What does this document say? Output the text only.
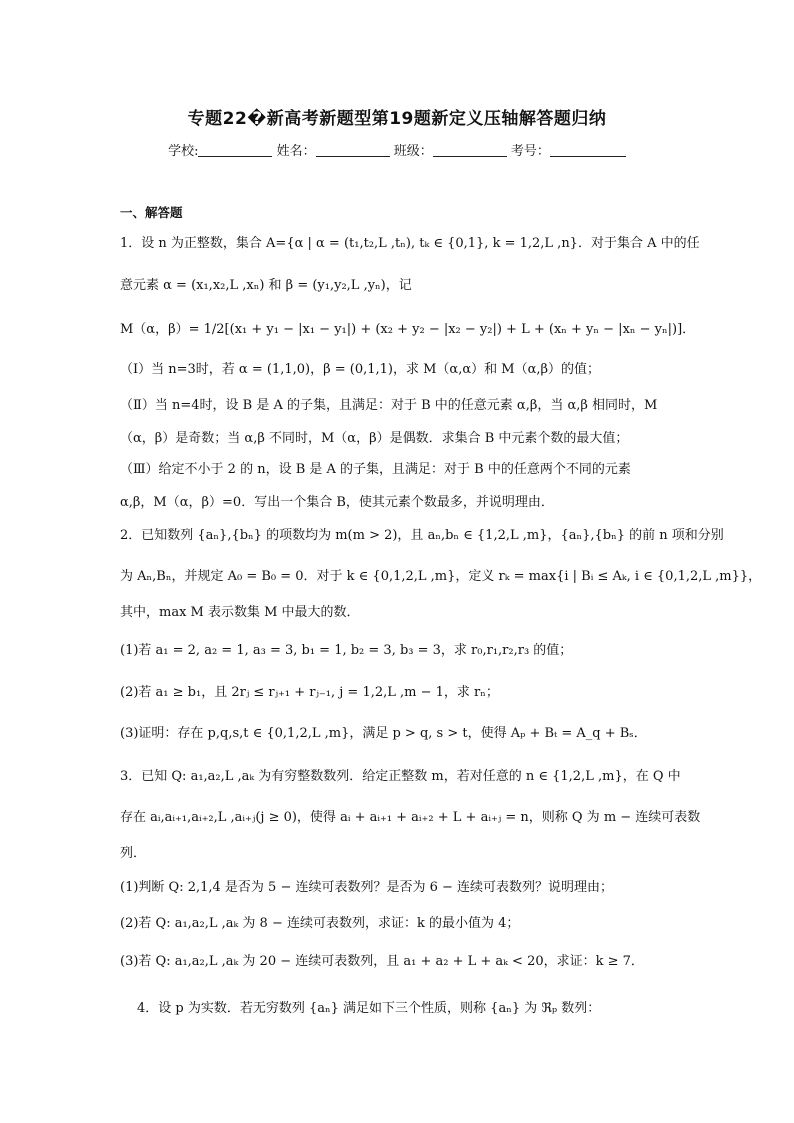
专题22�新高考新题型第19题新定义压轴解答题归纳
学校:	姓名：	班级：	考号：
一、解答题
1．设 n 为正整数，集合 A={α | α = (t₁,t₂,L ,tₙ), tₖ ∈ {0,1}, k = 1,2,L ,n}．对于集合 A 中的任
意元素 α = (x₁,x₂,L ,xₙ) 和 β = (y₁,y₂,L ,yₙ)，记
M（α，β）= 1/2[(x₁ + y₁ − |x₁ − y₁|) + (x₂ + y₂ − |x₂ − y₂|) + L + (xₙ + yₙ − |xₙ − yₙ|)]．
（Ⅰ）当 n=3时，若 α = (1,1,0)，β = (0,1,1)，求 M（α,α）和 M（α,β）的值；
（Ⅱ）当 n=4时，设 B 是 A 的子集，且满足：对于 B 中的任意元素 α,β，当 α,β 相同时，M
（α，β）是奇数；当 α,β 不同时，M（α，β）是偶数．求集合 B 中元素个数的最大值；
（Ⅲ）给定不小于 2 的 n，设 B 是 A 的子集，且满足：对于 B 中的任意两个不同的元素
α,β，M（α，β）=0．写出一个集合 B，使其元素个数最多，并说明理由．
2．已知数列 {aₙ},{bₙ} 的项数均为 m(m > 2)，且 aₙ,bₙ ∈ {1,2,L ,m}，{aₙ},{bₙ} 的前 n 项和分别
为 Aₙ,Bₙ，并规定 A₀ = B₀ = 0．对于 k ∈ {0,1,2,L ,m}，定义 rₖ = max{i | Bᵢ ≤ Aₖ, i ∈ {0,1,2,L ,m}}，
其中，max M 表示数集 M 中最大的数．
(1)若 a₁ = 2, a₂ = 1, a₃ = 3, b₁ = 1, b₂ = 3, b₃ = 3，求 r₀,r₁,r₂,r₃ 的值；
(2)若 a₁ ≥ b₁，且 2rⱼ ≤ rⱼ₊₁ + rⱼ₋₁, j = 1,2,L ,m − 1，求 rₙ；
(3)证明：存在 p,q,s,t ∈ {0,1,2,L ,m}，满足 p > q, s > t，使得 Aₚ + Bₜ = A_q + Bₛ．
3．已知 Q: a₁,a₂,L ,aₖ 为有穷整数数列．给定正整数 m，若对任意的 n ∈ {1,2,L ,m}，在 Q 中
存在 aᵢ,aᵢ₊₁,aᵢ₊₂,L ,aᵢ₊ⱼ(j ≥ 0)，使得 aᵢ + aᵢ₊₁ + aᵢ₊₂ + L + aᵢ₊ⱼ = n，则称 Q 为 m − 连续可表数
列．
(1)判断 Q: 2,1,4 是否为 5 − 连续可表数列？是否为 6 − 连续可表数列？说明理由；
(2)若 Q: a₁,a₂,L ,aₖ 为 8 − 连续可表数列，求证：k 的最小值为 4；
(3)若 Q: a₁,a₂,L ,aₖ 为 20 − 连续可表数列，且 a₁ + a₂ + L + aₖ < 20，求证：k ≥ 7．
4．设 p 为实数．若无穷数列 {aₙ} 满足如下三个性质，则称 {aₙ} 为 ℜₚ 数列：
